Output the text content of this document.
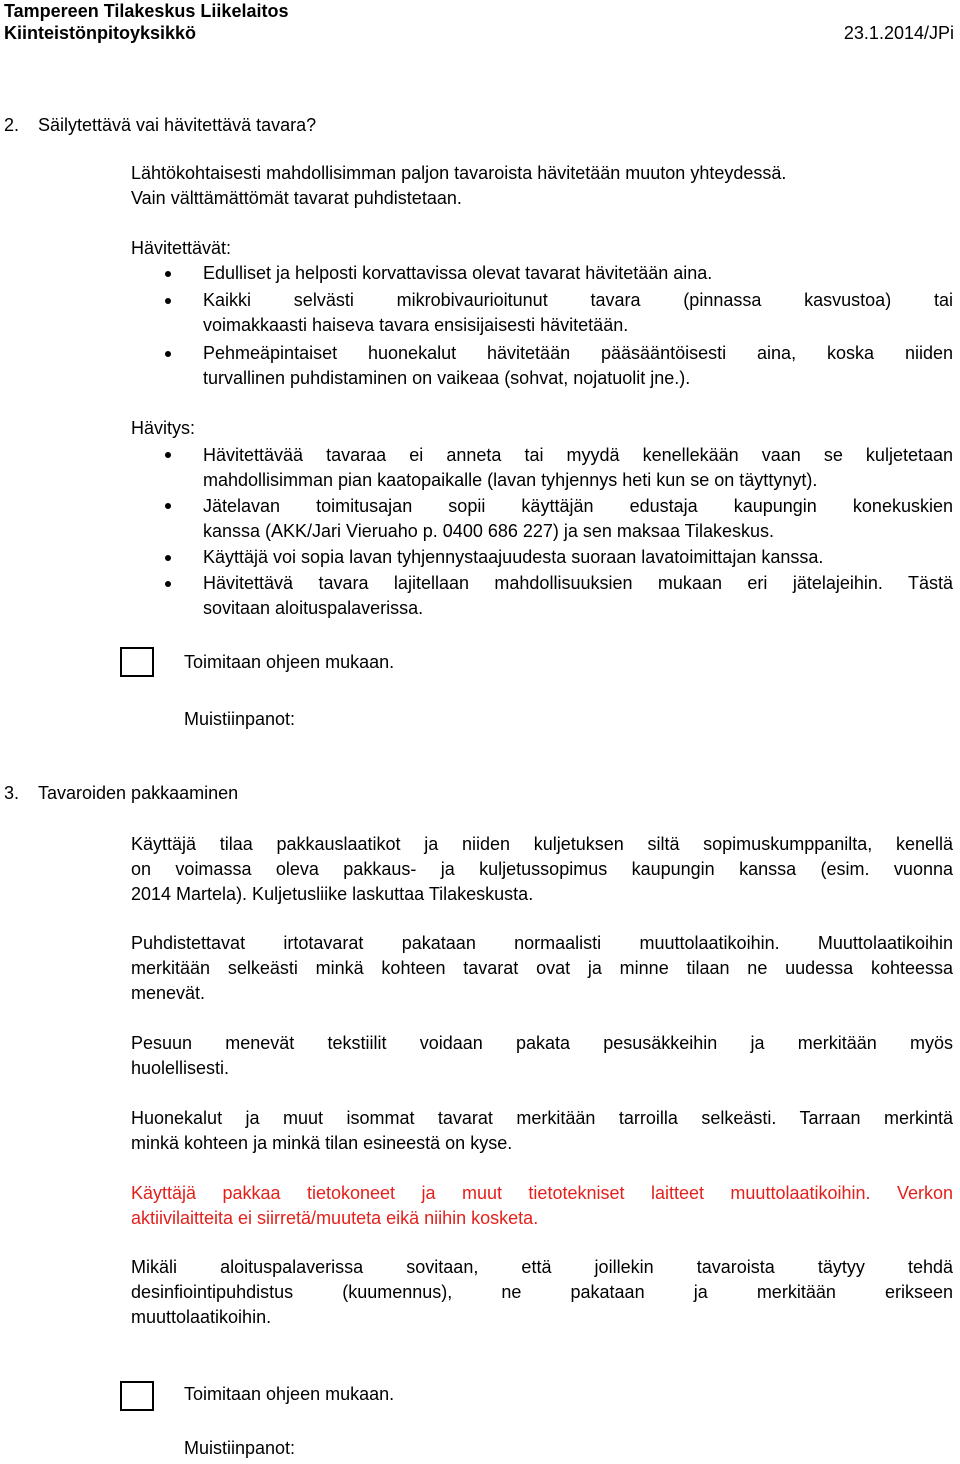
Tampereen Tilakeskus Liikelaitos
Kiinteistönpitoyksikkö	23.1.2014/JPi
2. Säilytettävä vai hävitettävä tavara?
Lähtökohtaisesti mahdollisimman paljon tavaroista hävitetään muuton yhteydessä.
Vain välttämättömät tavarat puhdistetaan.
Hävitettävät:
Edulliset ja helposti korvattavissa olevat tavarat hävitetään aina.
Kaikki selvästi mikrobivaurioitunut tavara (pinnassa kasvustoa) tai
voimakkaasti haiseva tavara ensisijaisesti hävitetään.
Pehmeäpintaiset huonekalut hävitetään pääsääntöisesti aina, koska niiden
turvallinen puhdistaminen on vaikeaa (sohvat, nojatuolit jne.).
Hävitys:
Hävitettävää tavaraa ei anneta tai myydä kenellekään vaan se kuljetetaan
mahdollisimman pian kaatopaikalle (lavan tyhjennys heti kun se on täyttynyt).
Jätelavan toimitusajan sopii käyttäjän edustaja kaupungin konekuskien
kanssa (AKK/Jari Vieruaho p. 0400 686 227) ja sen maksaa Tilakeskus.
Käyttäjä voi sopia lavan tyhjennystaajuudesta suoraan lavatoimittajan kanssa.
Hävitettävä tavara lajitellaan mahdollisuuksien mukaan eri jätelajeihin. Tästä
sovitaan aloituspalaverissa.
Toimitaan ohjeen mukaan.
Muistiinpanot:
3. Tavaroiden pakkaaminen
Käyttäjä tilaa pakkauslaatikot ja niiden kuljetuksen siltä sopimuskumppanilta, kenellä
on voimassa oleva pakkaus- ja kuljetussopimus kaupungin kanssa (esim. vuonna
2014 Martela). Kuljetusliike laskuttaa Tilakeskusta.
Puhdistettavat irtotavarat pakataan normaalisti muuttolaatikoihin. Muuttolaatikoihin
merkitään selkeästi minkä kohteen tavarat ovat ja minne tilaan ne uudessa kohteessa
menevät.
Pesuun menevät tekstiilit voidaan pakata pesusäkkeihin ja merkitään myös
huolellisesti.
Huonekalut ja muut isommat tavarat merkitään tarroilla selkeästi. Tarraan merkintä
minkä kohteen ja minkä tilan esineestä on kyse.
Käyttäjä pakkaa tietokoneet ja muut tietotekniset laitteet muuttolaatikoihin. Verkon
aktiivilaitteita ei siirretä/muuteta eikä niihin kosketa.
Mikäli aloituspalaverissa sovitaan, että joillekin tavaroista täytyy tehdä
desinfiointipuhdistus (kuumennus), ne pakataan ja merkitään erikseen
muuttolaatikoihin.
Toimitaan ohjeen mukaan.
Muistiinpanot:
